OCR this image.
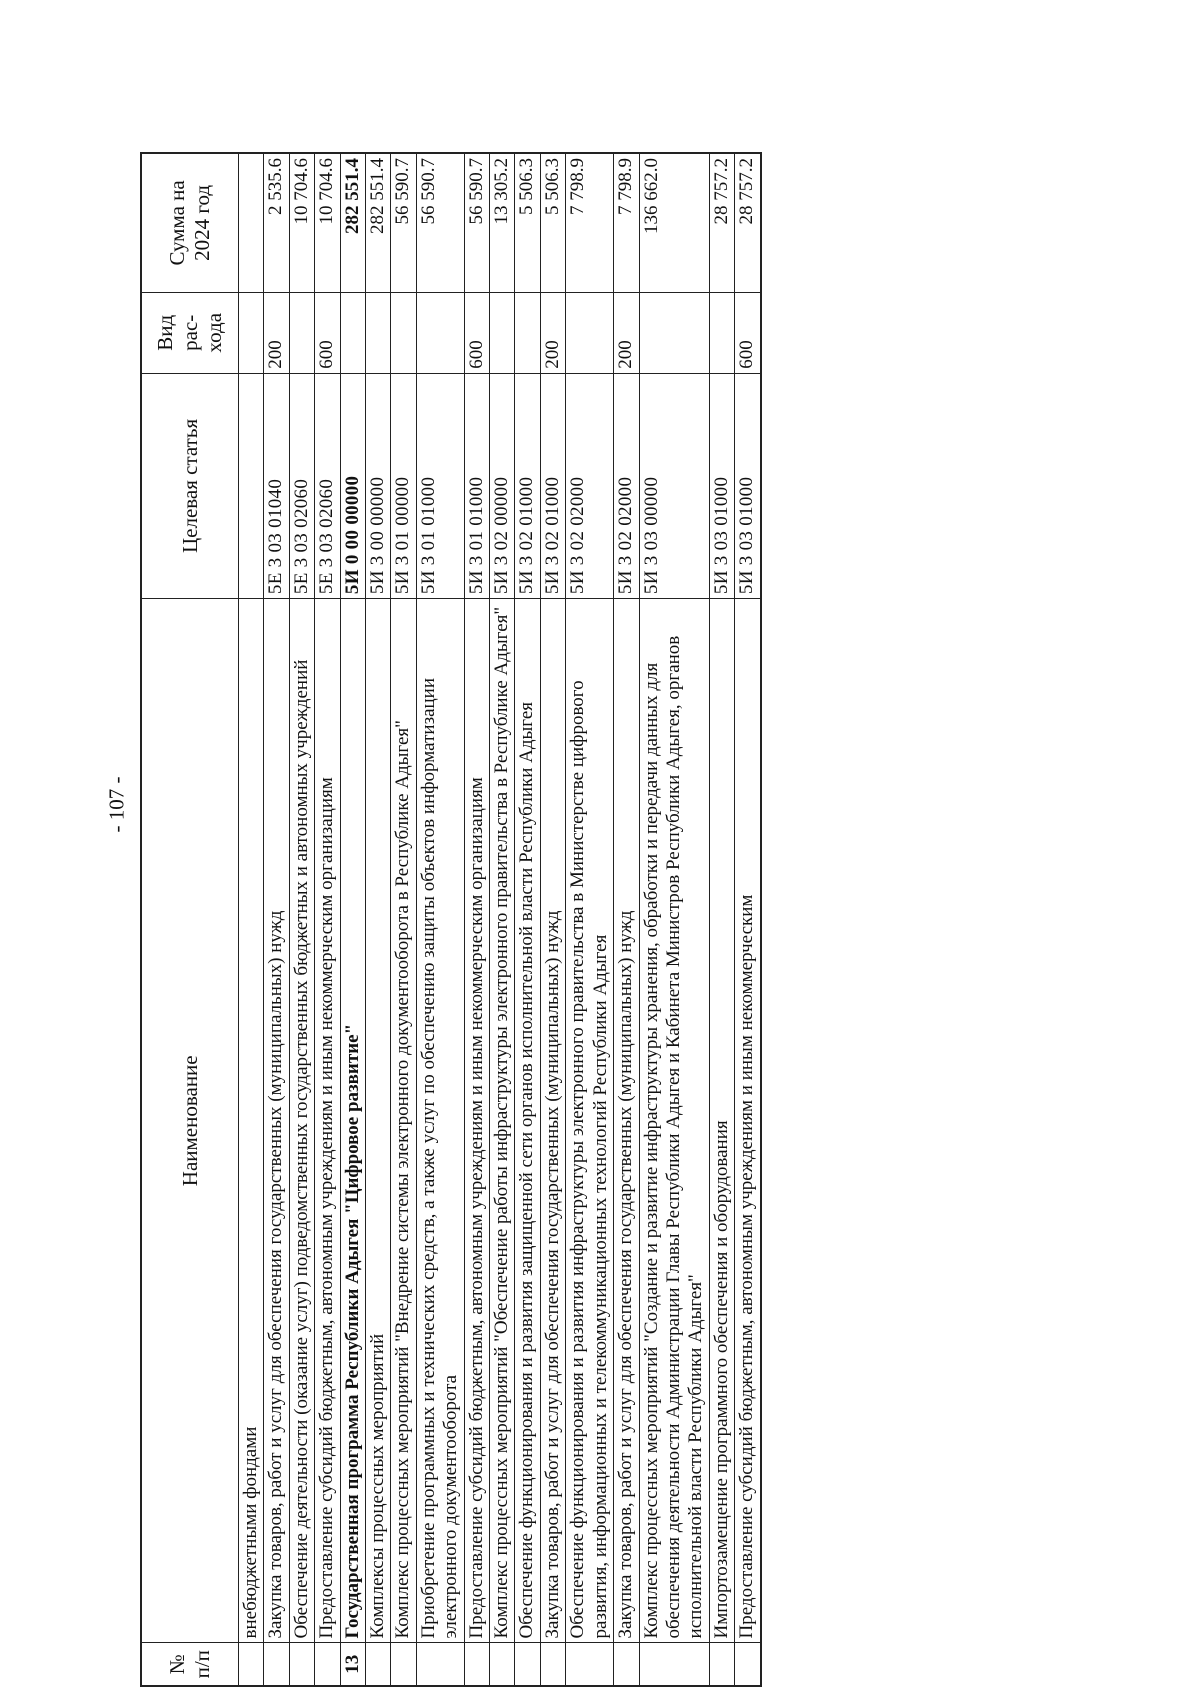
- 107 -
№ п/п	Наименование	Целевая статья	Вид рас-хода	Сумма на 2024 год
	внебюджетными фондами			
	Закупка товаров, работ и услуг для обеспечения государственных (муниципальных) нужд	5Е 3 03 01040	200	2 535.6
	Обеспечение деятельности (оказание услуг) подведомственных государственных бюджетных и автономных учреждений	5Е 3 03 02060		10 704.6
	Предоставление субсидий бюджетным, автономным учреждениям и иным некоммерческим организациям	5Е 3 03 02060	600	10 704.6
13	Государственная программа Республики Адыгея "Цифровое развитие"	5И 0 00 00000		282 551.4
	Комплексы процессных мероприятий	5И 3 00 00000		282 551.4
	Комплекс процессных мероприятий "Внедрение системы электронного документооборота в Республике Адыгея"	5И 3 01 00000		56 590.7
	Приобретение программных и технических средств, а также услуг по обеспечению защиты объектов информатизации электронного документооборота	5И 3 01 01000		56 590.7
	Предоставление субсидий бюджетным, автономным учреждениям и иным некоммерческим организациям	5И 3 01 01000	600	56 590.7
	Комплекс процессных мероприятий "Обеспечение работы инфраструктуры электронного правительства в Республике Адыгея"	5И 3 02 00000		13 305.2
	Обеспечение функционирования и развития защищенной сети органов исполнительной власти Республики Адыгея	5И 3 02 01000		5 506.3
	Закупка товаров, работ и услуг для обеспечения государственных (муниципальных) нужд	5И 3 02 01000	200	5 506.3
	Обеспечение функционирования и развития инфраструктуры электронного правительства в Министерстве цифрового развития, информационных и телекоммуникационных технологий Республики Адыгея	5И 3 02 02000		7 798.9
	Закупка товаров, работ и услуг для обеспечения государственных (муниципальных) нужд	5И 3 02 02000	200	7 798.9
	Комплекс процессных мероприятий "Создание и развитие инфраструктуры хранения, обработки и передачи данных для обеспечения деятельности Администрации Главы Республики Адыгея и Кабинета Министров Республики Адыгея, органов исполнительной власти Республики Адыгея"	5И 3 03 00000		136 662.0
	Импортозамещение программного обеспечения и оборудования	5И 3 03 01000		28 757.2
	Предоставление субсидий бюджетным, автономным учреждениям и иным некоммерческим	5И 3 03 01000	600	28 757.2
